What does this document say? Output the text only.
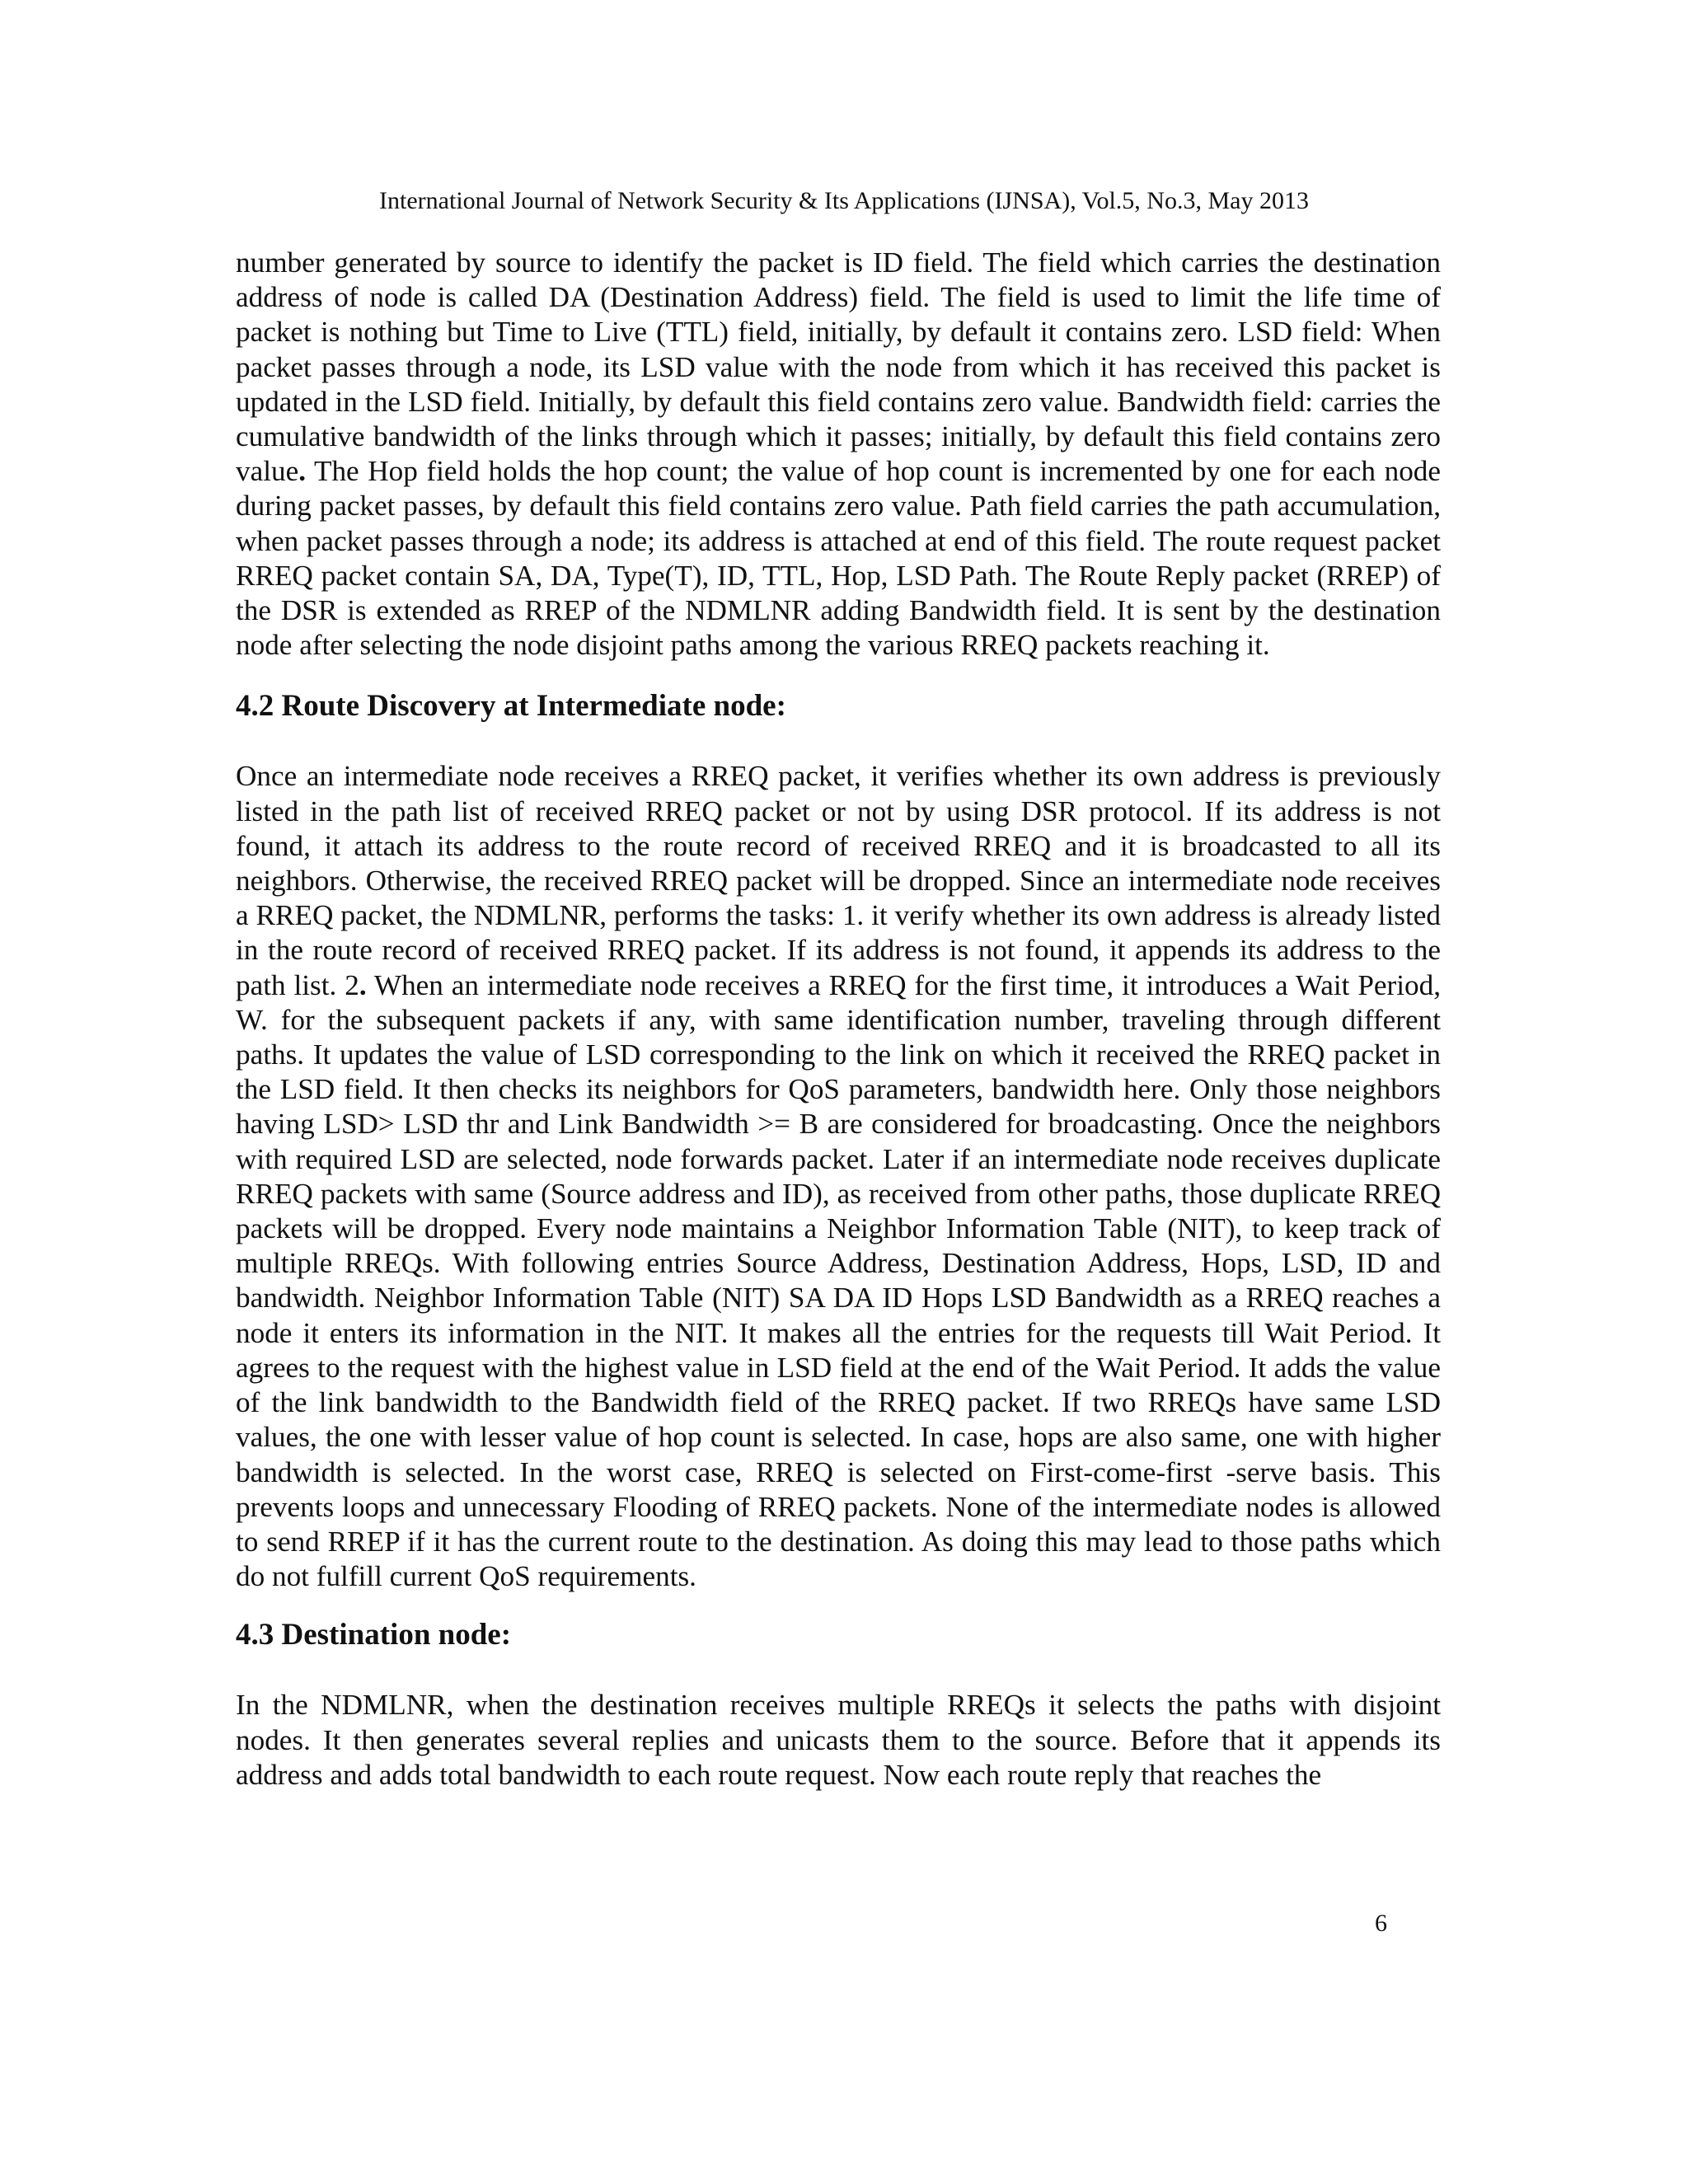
International Journal of Network Security & Its Applications (IJNSA), Vol.5, No.3, May 2013

number generated by source to identify the packet is ID field. The field which carries the destination address of node is called DA (Destination Address) field. The field is used to limit the life time of packet is nothing but Time to Live (TTL) field, initially, by default it contains zero. LSD field: When packet passes through a node, its LSD value with the node from which it has received this packet is updated in the LSD field. Initially, by default this field contains zero value. Bandwidth field: carries the cumulative bandwidth of the links through which it passes; initially, by default this field contains zero value. The Hop field holds the hop count; the value of hop count is incremented by one for each node during packet passes, by default this field contains zero value. Path field carries the path accumulation, when packet passes through a node; its address is attached at end of this field. The route request packet RREQ packet contain SA, DA, Type(T), ID, TTL, Hop, LSD Path. The Route Reply packet (RREP) of the DSR is extended as RREP of the NDMLNR adding Bandwidth field. It is sent by the destination node after selecting the node disjoint paths among the various RREQ packets reaching it.

4.2 Route Discovery at Intermediate node:

Once an intermediate node receives a RREQ packet, it verifies whether its own address is previously listed in the path list of received RREQ packet or not by using DSR protocol. If its address is not found, it attach its address to the route record of received RREQ and it is broadcasted to all its neighbors. Otherwise, the received RREQ packet will be dropped. Since an intermediate node receives a RREQ packet, the NDMLNR, performs the tasks: 1. it verify whether its own address is already listed in the route record of received RREQ packet. If its address is not found, it appends its address to the path list. 2. When an intermediate node receives a RREQ for the first time, it introduces a Wait Period, W. for the subsequent packets if any, with same identification number, traveling through different paths. It updates the value of LSD corresponding to the link on which it received the RREQ packet in the LSD field. It then checks its neighbors for QoS parameters, bandwidth here. Only those neighbors having LSD> LSD thr and Link Bandwidth >= B are considered for broadcasting. Once the neighbors with required LSD are selected, node forwards packet. Later if an intermediate node receives duplicate RREQ packets with same (Source address and ID), as received from other paths, those duplicate RREQ packets will be dropped. Every node maintains a Neighbor Information Table (NIT), to keep track of multiple RREQs. With following entries Source Address, Destination Address, Hops, LSD, ID and bandwidth. Neighbor Information Table (NIT) SA DA ID Hops LSD Bandwidth as a RREQ reaches a node it enters its information in the NIT. It makes all the entries for the requests till Wait Period. It agrees to the request with the highest value in LSD field at the end of the Wait Period. It adds the value of the link bandwidth to the Bandwidth field of the RREQ packet. If two RREQs have same LSD values, the one with lesser value of hop count is selected. In case, hops are also same, one with higher bandwidth is selected. In the worst case, RREQ is selected on First-come-first -serve basis. This prevents loops and unnecessary Flooding of RREQ packets. None of the intermediate nodes is allowed to send RREP if it has the current route to the destination. As doing this may lead to those paths which do not fulfill current QoS requirements.

4.3 Destination node:

In the NDMLNR, when the destination receives multiple RREQs it selects the paths with disjoint nodes. It then generates several replies and unicasts them to the source. Before that it appends its address and adds total bandwidth to each route request. Now each route reply that reaches the

6
